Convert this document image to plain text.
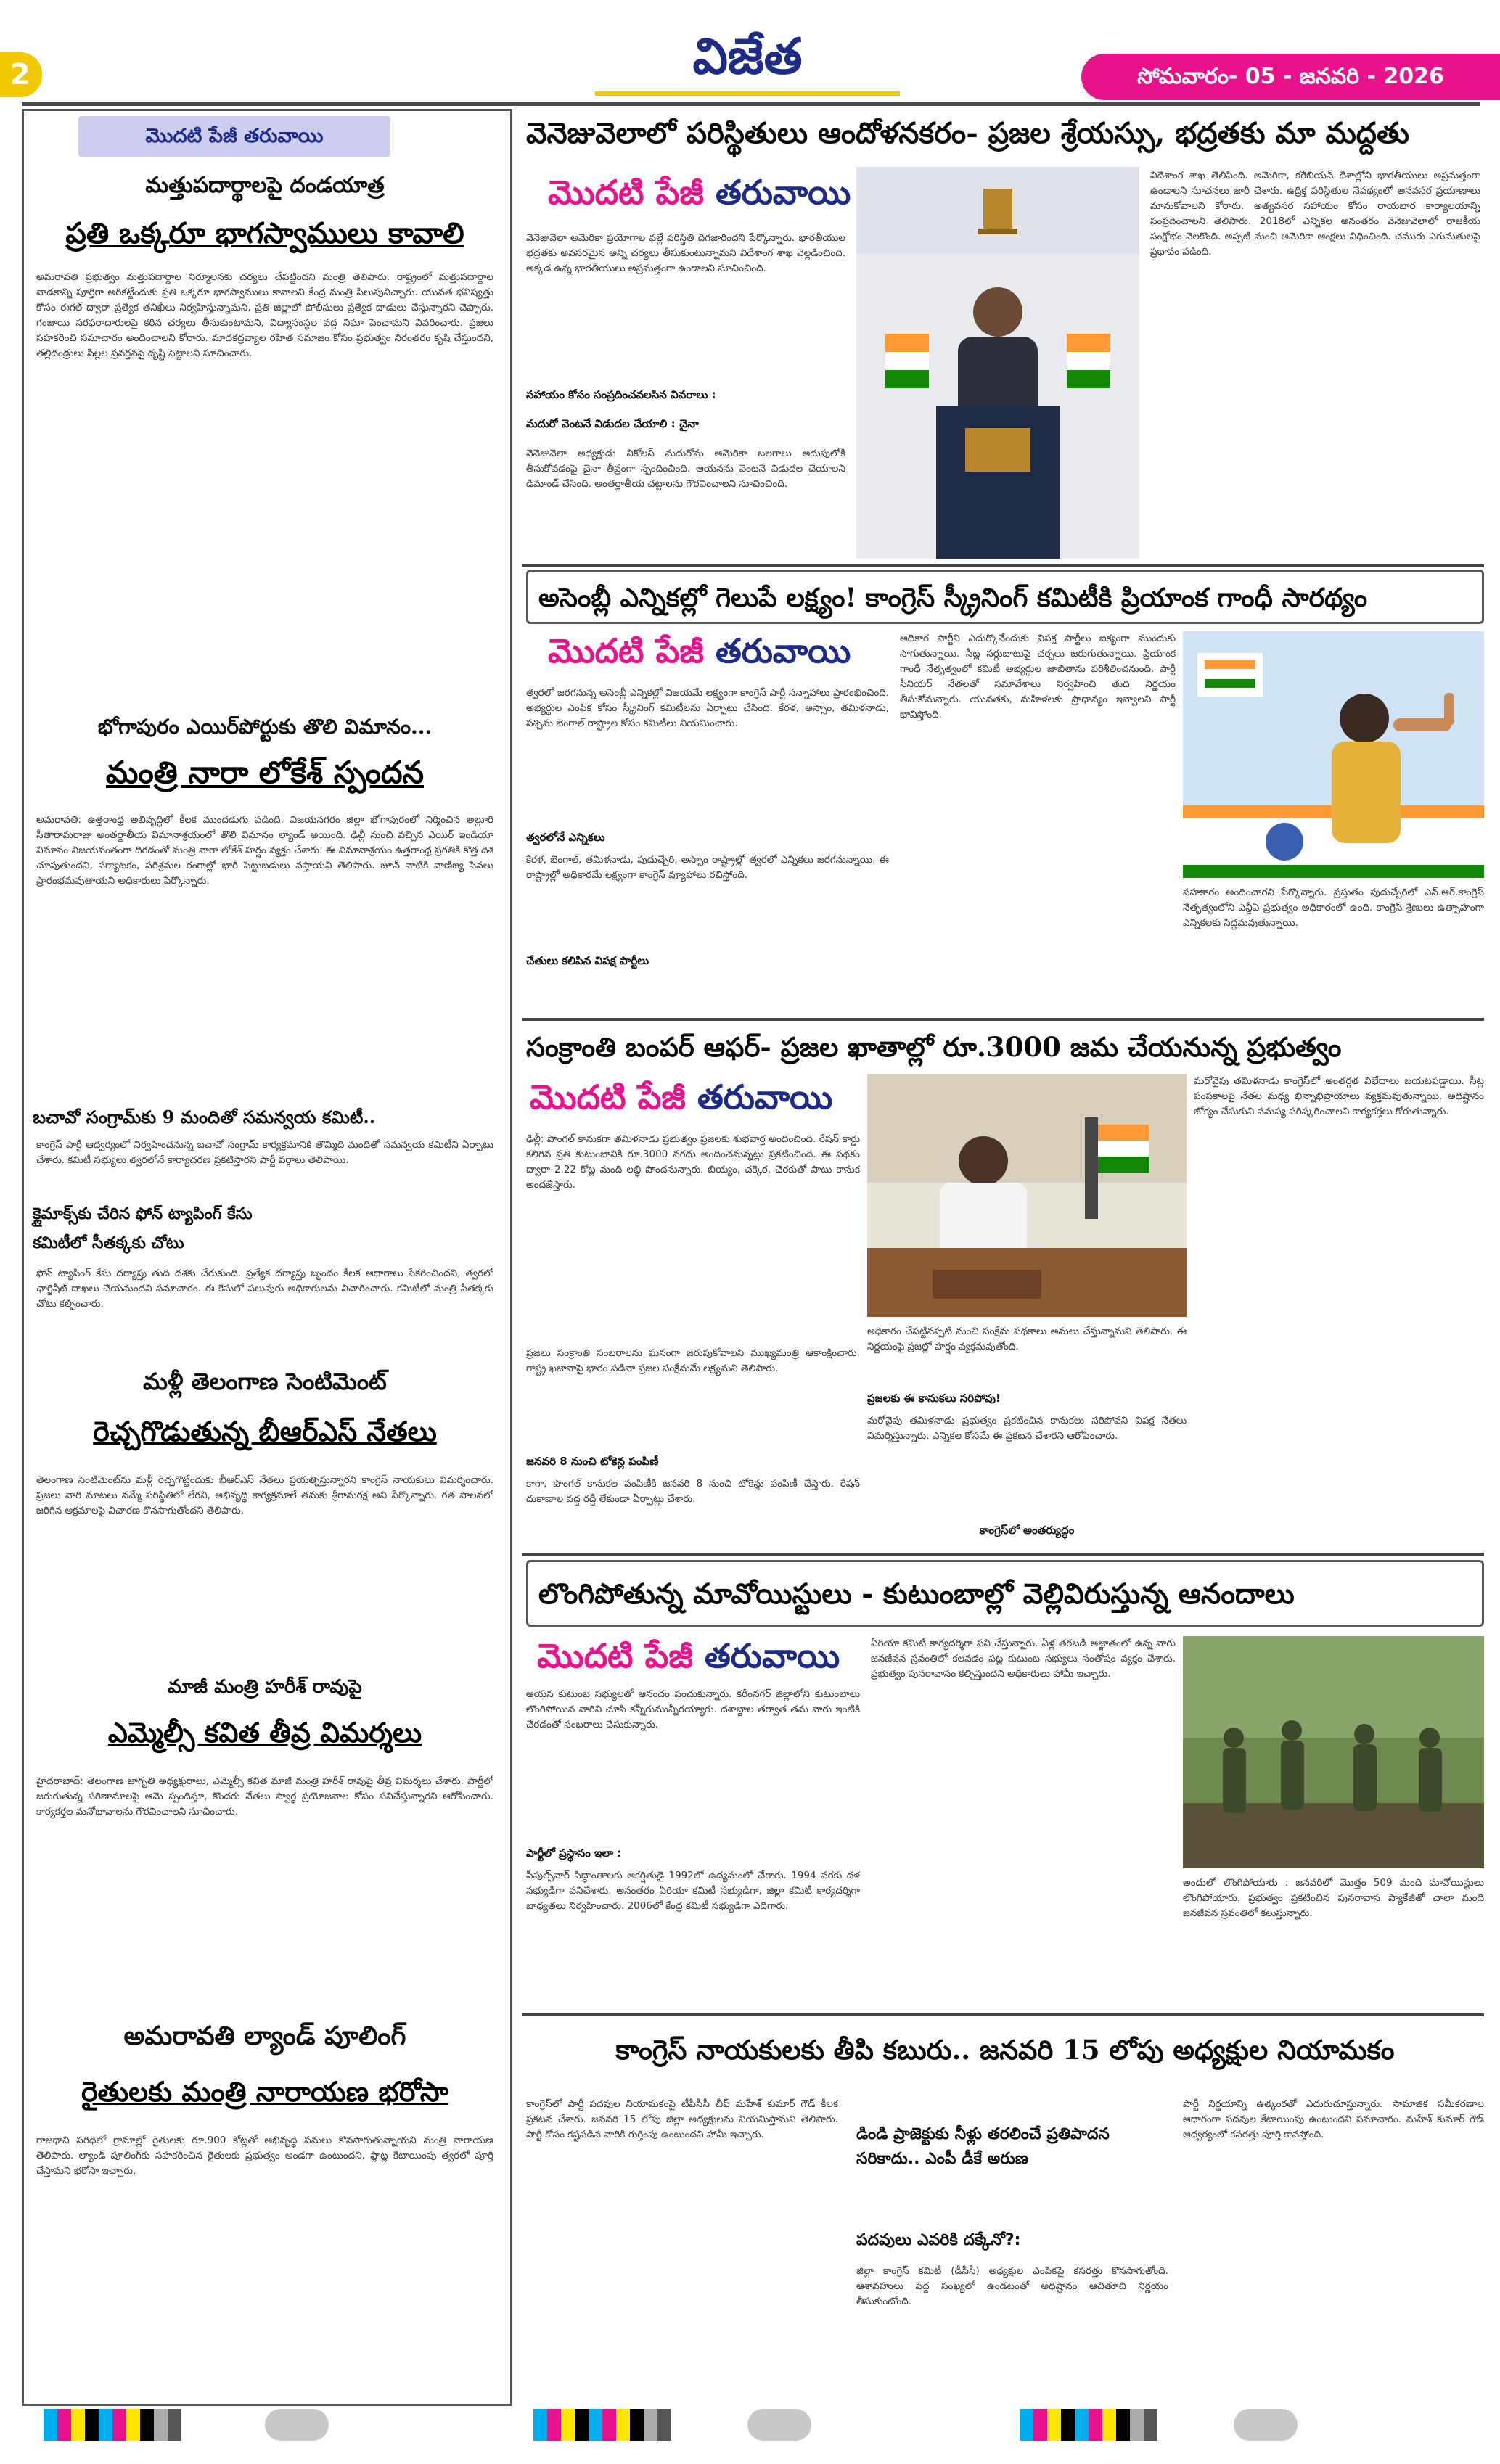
2	విజేత	సోమవారం- 05 - జనవరి - 2026
మొదటి పేజీ తరువాయి
మత్తుపదార్థాలపై దండయాత్ర
ప్రతి ఒక్కరూ భాగస్వాములు కావాలి
అమరావతి ప్రభుత్వం మత్తుపదార్థాల నిర్మూలనకు చర్యలు చేపట్టిందని మంత్రి తెలిపారు. రాష్ట్రంలో మత్తుపదార్థాల వాడకాన్ని పూర్తిగా అరికట్టేందుకు ప్రతి ఒక్కరూ భాగస్వాములు కావాలని కేంద్ర మంత్రి పిలుపునిచ్చారు. యువత భవిష్యత్తు కోసం ఈగల్ ద్వారా ప్రత్యేక తనిఖీలు నిర్వహిస్తున్నామని, ప్రతి జిల్లాలో పోలీసులు ప్రత్యేక దాడులు చేస్తున్నారని చెప్పారు. గంజాయి సరఫరాదారులపై కఠిన చర్యలు తీసుకుంటామని, విద్యాసంస్థల వద్ద నిఘా పెంచామని వివరించారు. ప్రజలు సహకరించి సమాచారం అందించాలని కోరారు. మాదకద్రవ్యాల రహిత సమాజం కోసం ప్రభుత్వం నిరంతరం కృషి చేస్తుందని, తల్లిదండ్రులు పిల్లల ప్రవర్తనపై దృష్టి పెట్టాలని సూచించారు.
భోగాపురం ఎయిర్‌పోర్టుకు తొలి విమానం...
మంత్రి నారా లోకేశ్ స్పందన
అమరావతి: ఉత్తరాంధ్ర అభివృద్ధిలో కీలక ముందడుగు పడింది. విజయనగరం జిల్లా భోగాపురంలో నిర్మించిన అల్లూరి సీతారామరాజు అంతర్జాతీయ విమానాశ్రయంలో తొలి విమానం ల్యాండ్ అయింది. ఢిల్లీ నుంచి వచ్చిన ఎయిర్ ఇండియా విమానం విజయవంతంగా దిగడంతో మంత్రి నారా లోకేశ్ హర్షం వ్యక్తం చేశారు. ఈ విమానాశ్రయం ఉత్తరాంధ్ర ప్రగతికి కొత్త దిశ చూపుతుందని, పర్యాటకం, పరిశ్రమల రంగాల్లో భారీ పెట్టుబడులు వస్తాయని తెలిపారు. జూన్ నాటికి వాణిజ్య సేవలు ప్రారంభమవుతాయని అధికారులు పేర్కొన్నారు.
బచావో సంగ్రామ్‌కు 9 మందితో సమన్వయ కమిటీ..
కాంగ్రెస్ పార్టీ ఆధ్వర్యంలో నిర్వహించనున్న బచావో సంగ్రామ్ కార్యక్రమానికి తొమ్మిది మందితో సమన్వయ కమిటీని ఏర్పాటు చేశారు. కమిటీ సభ్యులు త్వరలోనే కార్యాచరణ ప్రకటిస్తారని పార్టీ వర్గాలు తెలిపాయి.
క్లైమాక్స్‌కు చేరిన ఫోన్ ట్యాపింగ్ కేసు
కమిటీలో సీతక్కకు చోటు
ఫోన్ ట్యాపింగ్ కేసు దర్యాప్తు తుది దశకు చేరుకుంది. ప్రత్యేక దర్యాప్తు బృందం కీలక ఆధారాలు సేకరించిందని, త్వరలో ఛార్జిషీట్ దాఖలు చేయనుందని సమాచారం. ఈ కేసులో పలువురు అధికారులను విచారించారు. కమిటీలో మంత్రి సీతక్కకు చోటు కల్పించారు.
మళ్లీ తెలంగాణ సెంటిమెంట్
రెచ్చగొడుతున్న బీఆర్ఎస్ నేతలు
తెలంగాణ సెంటిమెంట్‌ను మళ్లీ రెచ్చగొట్టేందుకు బీఆర్ఎస్ నేతలు ప్రయత్నిస్తున్నారని కాంగ్రెస్ నాయకులు విమర్శించారు. ప్రజలు వారి మాటలు నమ్మే పరిస్థితిలో లేరని, అభివృద్ధి కార్యక్రమాలే తమకు శ్రీరామరక్ష అని పేర్కొన్నారు. గత పాలనలో జరిగిన అక్రమాలపై విచారణ కొనసాగుతోందని తెలిపారు.
మాజీ మంత్రి హరీశ్ రావుపై
ఎమ్మెల్సీ కవిత తీవ్ర విమర్శలు
హైదరాబాద్: తెలంగాణ జాగృతి అధ్యక్షురాలు, ఎమ్మెల్సీ కవిత మాజీ మంత్రి హరీశ్ రావుపై తీవ్ర విమర్శలు చేశారు. పార్టీలో జరుగుతున్న పరిణామాలపై ఆమె స్పందిస్తూ, కొందరు నేతలు స్వార్థ ప్రయోజనాల కోసం పనిచేస్తున్నారని ఆరోపించారు. కార్యకర్తల మనోభావాలను గౌరవించాలని సూచించారు.
అమరావతి ల్యాండ్ పూలింగ్
రైతులకు మంత్రి నారాయణ భరోసా
రాజధాని పరిధిలో గ్రామాల్లో రైతులకు రూ.900 కోట్లతో అభివృద్ధి పనులు కొనసాగుతున్నాయని మంత్రి నారాయణ తెలిపారు. ల్యాండ్ పూలింగ్‌కు సహకరించిన రైతులకు ప్రభుత్వం అండగా ఉంటుందని, ప్లాట్ల కేటాయింపు త్వరలో పూర్తి చేస్తామని భరోసా ఇచ్చారు.
వెనెజువెలాలో పరిస్థితులు ఆందోళనకరం- ప్రజల శ్రేయస్సు, భద్రతకు మా మద్దతు
మొదటి పేజీ తరువాయి
వెనెజువెలా అమెరికా ప్రయోగాల వల్లే పరిస్థితి దిగజారిందని పేర్కొన్నారు. భారతీయుల భద్రతకు అవసరమైన అన్ని చర్యలు తీసుకుంటున్నామని విదేశాంగ శాఖ వెల్లడించింది. అక్కడ ఉన్న భారతీయులు అప్రమత్తంగా ఉండాలని సూచించింది.
సహాయం కోసం సంప్రదించవలసిన వివరాలు :
మదురో వెంటనే విడుదల చేయాలి : చైనా
వెనెజువెలా అధ్యక్షుడు నికోలస్ మదురోను అమెరికా బలగాలు అదుపులోకి తీసుకోవడంపై చైనా తీవ్రంగా స్పందించింది. ఆయనను వెంటనే విడుదల చేయాలని డిమాండ్ చేసింది. అంతర్జాతీయ చట్టాలను గౌరవించాలని సూచించింది.
విదేశాంగ శాఖ తెలిపింది. అమెరికా, కరేబియన్ దేశాల్లోని భారతీయులు అప్రమత్తంగా ఉండాలని సూచనలు జారీ చేశారు. ఉద్రిక్త పరిస్థితుల నేపథ్యంలో అనవసర ప్రయాణాలు మానుకోవాలని కోరారు. అత్యవసర సహాయం కోసం రాయబార కార్యాలయాన్ని సంప్రదించాలని తెలిపారు. 2018లో ఎన్నికల అనంతరం వెనెజువెలాలో రాజకీయ సంక్షోభం నెలకొంది. అప్పటి నుంచి అమెరికా ఆంక్షలు విధించింది. చమురు ఎగుమతులపై ప్రభావం పడింది.
అసెంబ్లీ ఎన్నికల్లో గెలుపే లక్ష్యం! కాంగ్రెస్ స్క్రీనింగ్ కమిటీకి ప్రియాంక గాంధీ సారథ్యం
మొదటి పేజీ తరువాయి
త్వరలో జరగనున్న అసెంబ్లీ ఎన్నికల్లో విజయమే లక్ష్యంగా కాంగ్రెస్ పార్టీ సన్నాహాలు ప్రారంభించింది. అభ్యర్థుల ఎంపిక కోసం స్క్రీనింగ్ కమిటీలను ఏర్పాటు చేసింది. కేరళ, అస్సాం, తమిళనాడు, పశ్చిమ బెంగాల్ రాష్ట్రాల కోసం కమిటీలు నియమించారు.
త్వరలోనే ఎన్నికలు
కేరళ, బెంగాల్, తమిళనాడు, పుదుచ్చేరి, అస్సాం రాష్ట్రాల్లో త్వరలో ఎన్నికలు జరగనున్నాయి. ఈ రాష్ట్రాల్లో అధికారమే లక్ష్యంగా కాంగ్రెస్ వ్యూహాలు రచిస్తోంది.
చేతులు కలిపిన విపక్ష పార్టీలు
అధికార పార్టీని ఎదుర్కొనేందుకు విపక్ష పార్టీలు ఐక్యంగా ముందుకు సాగుతున్నాయి. సీట్ల సర్దుబాటుపై చర్చలు జరుగుతున్నాయి. ప్రియాంక గాంధీ నేతృత్వంలో కమిటీ అభ్యర్థుల జాబితాను పరిశీలించనుంది. పార్టీ సీనియర్ నేతలతో సమావేశాలు నిర్వహించి తుది నిర్ణయం తీసుకోనున్నారు. యువతకు, మహిళలకు ప్రాధాన్యం ఇవ్వాలని పార్టీ భావిస్తోంది.
సహకారం అందించారని పేర్కొన్నారు. ప్రస్తుతం పుదుచ్చేరిలో ఎన్.ఆర్.కాంగ్రెస్ నేతృత్వంలోని ఎన్డీఏ ప్రభుత్వం అధికారంలో ఉంది. కాంగ్రెస్ శ్రేణులు ఉత్సాహంగా ఎన్నికలకు సిద్ధమవుతున్నాయి.
సంక్రాంతి బంపర్ ఆఫర్- ప్రజల ఖాతాల్లో రూ.3000 జమ చేయనున్న ప్రభుత్వం
మొదటి పేజీ తరువాయి
ఢిల్లీ: పొంగల్ కానుకగా తమిళనాడు ప్రభుత్వం ప్రజలకు శుభవార్త అందించింది. రేషన్ కార్డు కలిగిన ప్రతి కుటుంబానికి రూ.3000 నగదు అందించనున్నట్లు ప్రకటించింది. ఈ పథకం ద్వారా 2.22 కోట్ల మంది లబ్ధి పొందనున్నారు. బియ్యం, చక్కెర, చెరకుతో పాటు కానుక అందజేస్తారు.
ప్రజలు సంక్రాంతి సంబరాలను ఘనంగా జరుపుకోవాలని ముఖ్యమంత్రి ఆకాంక్షించారు. రాష్ట్ర ఖజానాపై భారం పడినా ప్రజల సంక్షేమమే లక్ష్యమని తెలిపారు.
జనవరి 8 నుంచి టోకెన్ల పంపిణీ
కాగా, పొంగల్ కానుకల పంపిణీకి జనవరి 8 నుంచి టోకెన్లు పంపిణీ చేస్తారు. రేషన్ దుకాణాల వద్ద రద్దీ లేకుండా ఏర్పాట్లు చేశారు.
అధికారం చేపట్టినప్పటి నుంచి సంక్షేమ పథకాలు అమలు చేస్తున్నామని తెలిపారు. ఈ నిర్ణయంపై ప్రజల్లో హర్షం వ్యక్తమవుతోంది.
ప్రజలకు ఈ కానుకలు సరిపోవు!
మరోవైపు తమిళనాడు ప్రభుత్వం ప్రకటించిన కానుకలు సరిపోవని విపక్ష నేతలు విమర్శిస్తున్నారు. ఎన్నికల కోసమే ఈ ప్రకటన చేశారని ఆరోపించారు.
కాంగ్రెస్‌లో అంతర్యుద్ధం
మరోవైపు తమిళనాడు కాంగ్రెస్‌లో అంతర్గత విభేదాలు బయటపడ్డాయి. సీట్ల పంపకాలపై నేతల మధ్య భిన్నాభిప్రాయాలు వ్యక్తమవుతున్నాయి. అధిష్టానం జోక్యం చేసుకుని సమస్య పరిష్కరించాలని కార్యకర్తలు కోరుతున్నారు.
లొంగిపోతున్న మావోయిస్టులు - కుటుంబాల్లో వెల్లివిరుస్తున్న ఆనందాలు
మొదటి పేజీ తరువాయి
ఆయన కుటుంబ సభ్యులతో ఆనందం పంచుకున్నారు. కరీంనగర్ జిల్లాలోని కుటుంబాలు లొంగిపోయిన వారిని చూసి కన్నీరుమున్నీరయ్యారు. దశాబ్దాల తర్వాత తమ వారు ఇంటికి చేరడంతో సంబరాలు చేసుకున్నారు.
పార్టీలో ప్రస్థానం ఇలా :
పీపుల్స్‌వార్ సిద్ధాంతాలకు ఆకర్షితుడై 1992లో ఉద్యమంలో చేరారు. 1994 వరకు దళ సభ్యుడిగా పనిచేశారు. అనంతరం ఏరియా కమిటీ సభ్యుడిగా, జిల్లా కమిటీ కార్యదర్శిగా బాధ్యతలు నిర్వహించారు. 2006లో కేంద్ర కమిటీ సభ్యుడిగా ఎదిగారు.
ఏరియా కమిటీ కార్యదర్శిగా పని చేస్తున్నారు. ఏళ్ల తరబడి అజ్ఞాతంలో ఉన్న వారు జనజీవన స్రవంతిలో కలవడం పట్ల కుటుంబ సభ్యులు సంతోషం వ్యక్తం చేశారు. ప్రభుత్వం పునరావాసం కల్పిస్తుందని అధికారులు హామీ ఇచ్చారు.
అందులో లొంగిపోయారు : జనవరిలో మొత్తం 509 మంది మావోయిస్టులు లొంగిపోయారు. ప్రభుత్వం ప్రకటించిన పునరావాస ప్యాకేజీతో చాలా మంది జనజీవన స్రవంతిలో కలుస్తున్నారు.
కాంగ్రెస్ నాయకులకు తీపి కబురు.. జనవరి 15 లోపు అధ్యక్షుల నియామకం
కాంగ్రెస్‌లో పార్టీ పదవుల నియామకంపై టీపీసీసీ చీఫ్ మహేశ్ కుమార్ గౌడ్ కీలక ప్రకటన చేశారు. జనవరి 15 లోపు జిల్లా అధ్యక్షులను నియమిస్తామని తెలిపారు. పార్టీ కోసం కష్టపడిన వారికి గుర్తింపు ఉంటుందని హామీ ఇచ్చారు.	డిండి ప్రాజెక్టుకు నీళ్లు తరలించే ప్రతిపాదన సరికాదు.. ఎంపీ డీకే అరుణ
పదవులు ఎవరికి దక్కేనో?:
జిల్లా కాంగ్రెస్ కమిటీ (డీసీసీ) అధ్యక్షుల ఎంపికపై కసరత్తు కొనసాగుతోంది. ఆశావహులు పెద్ద సంఖ్యలో ఉండటంతో అధిష్టానం ఆచితూచి నిర్ణయం తీసుకుంటోంది.
పార్టీ నిర్ణయాన్ని ఉత్కంఠతో ఎదురుచూస్తున్నారు. సామాజిక సమీకరణాల ఆధారంగా పదవుల కేటాయింపు ఉంటుందని సమాచారం. మహేశ్ కుమార్ గౌడ్ ఆధ్వర్యంలో కసరత్తు పూర్తి కావస్తోంది.
